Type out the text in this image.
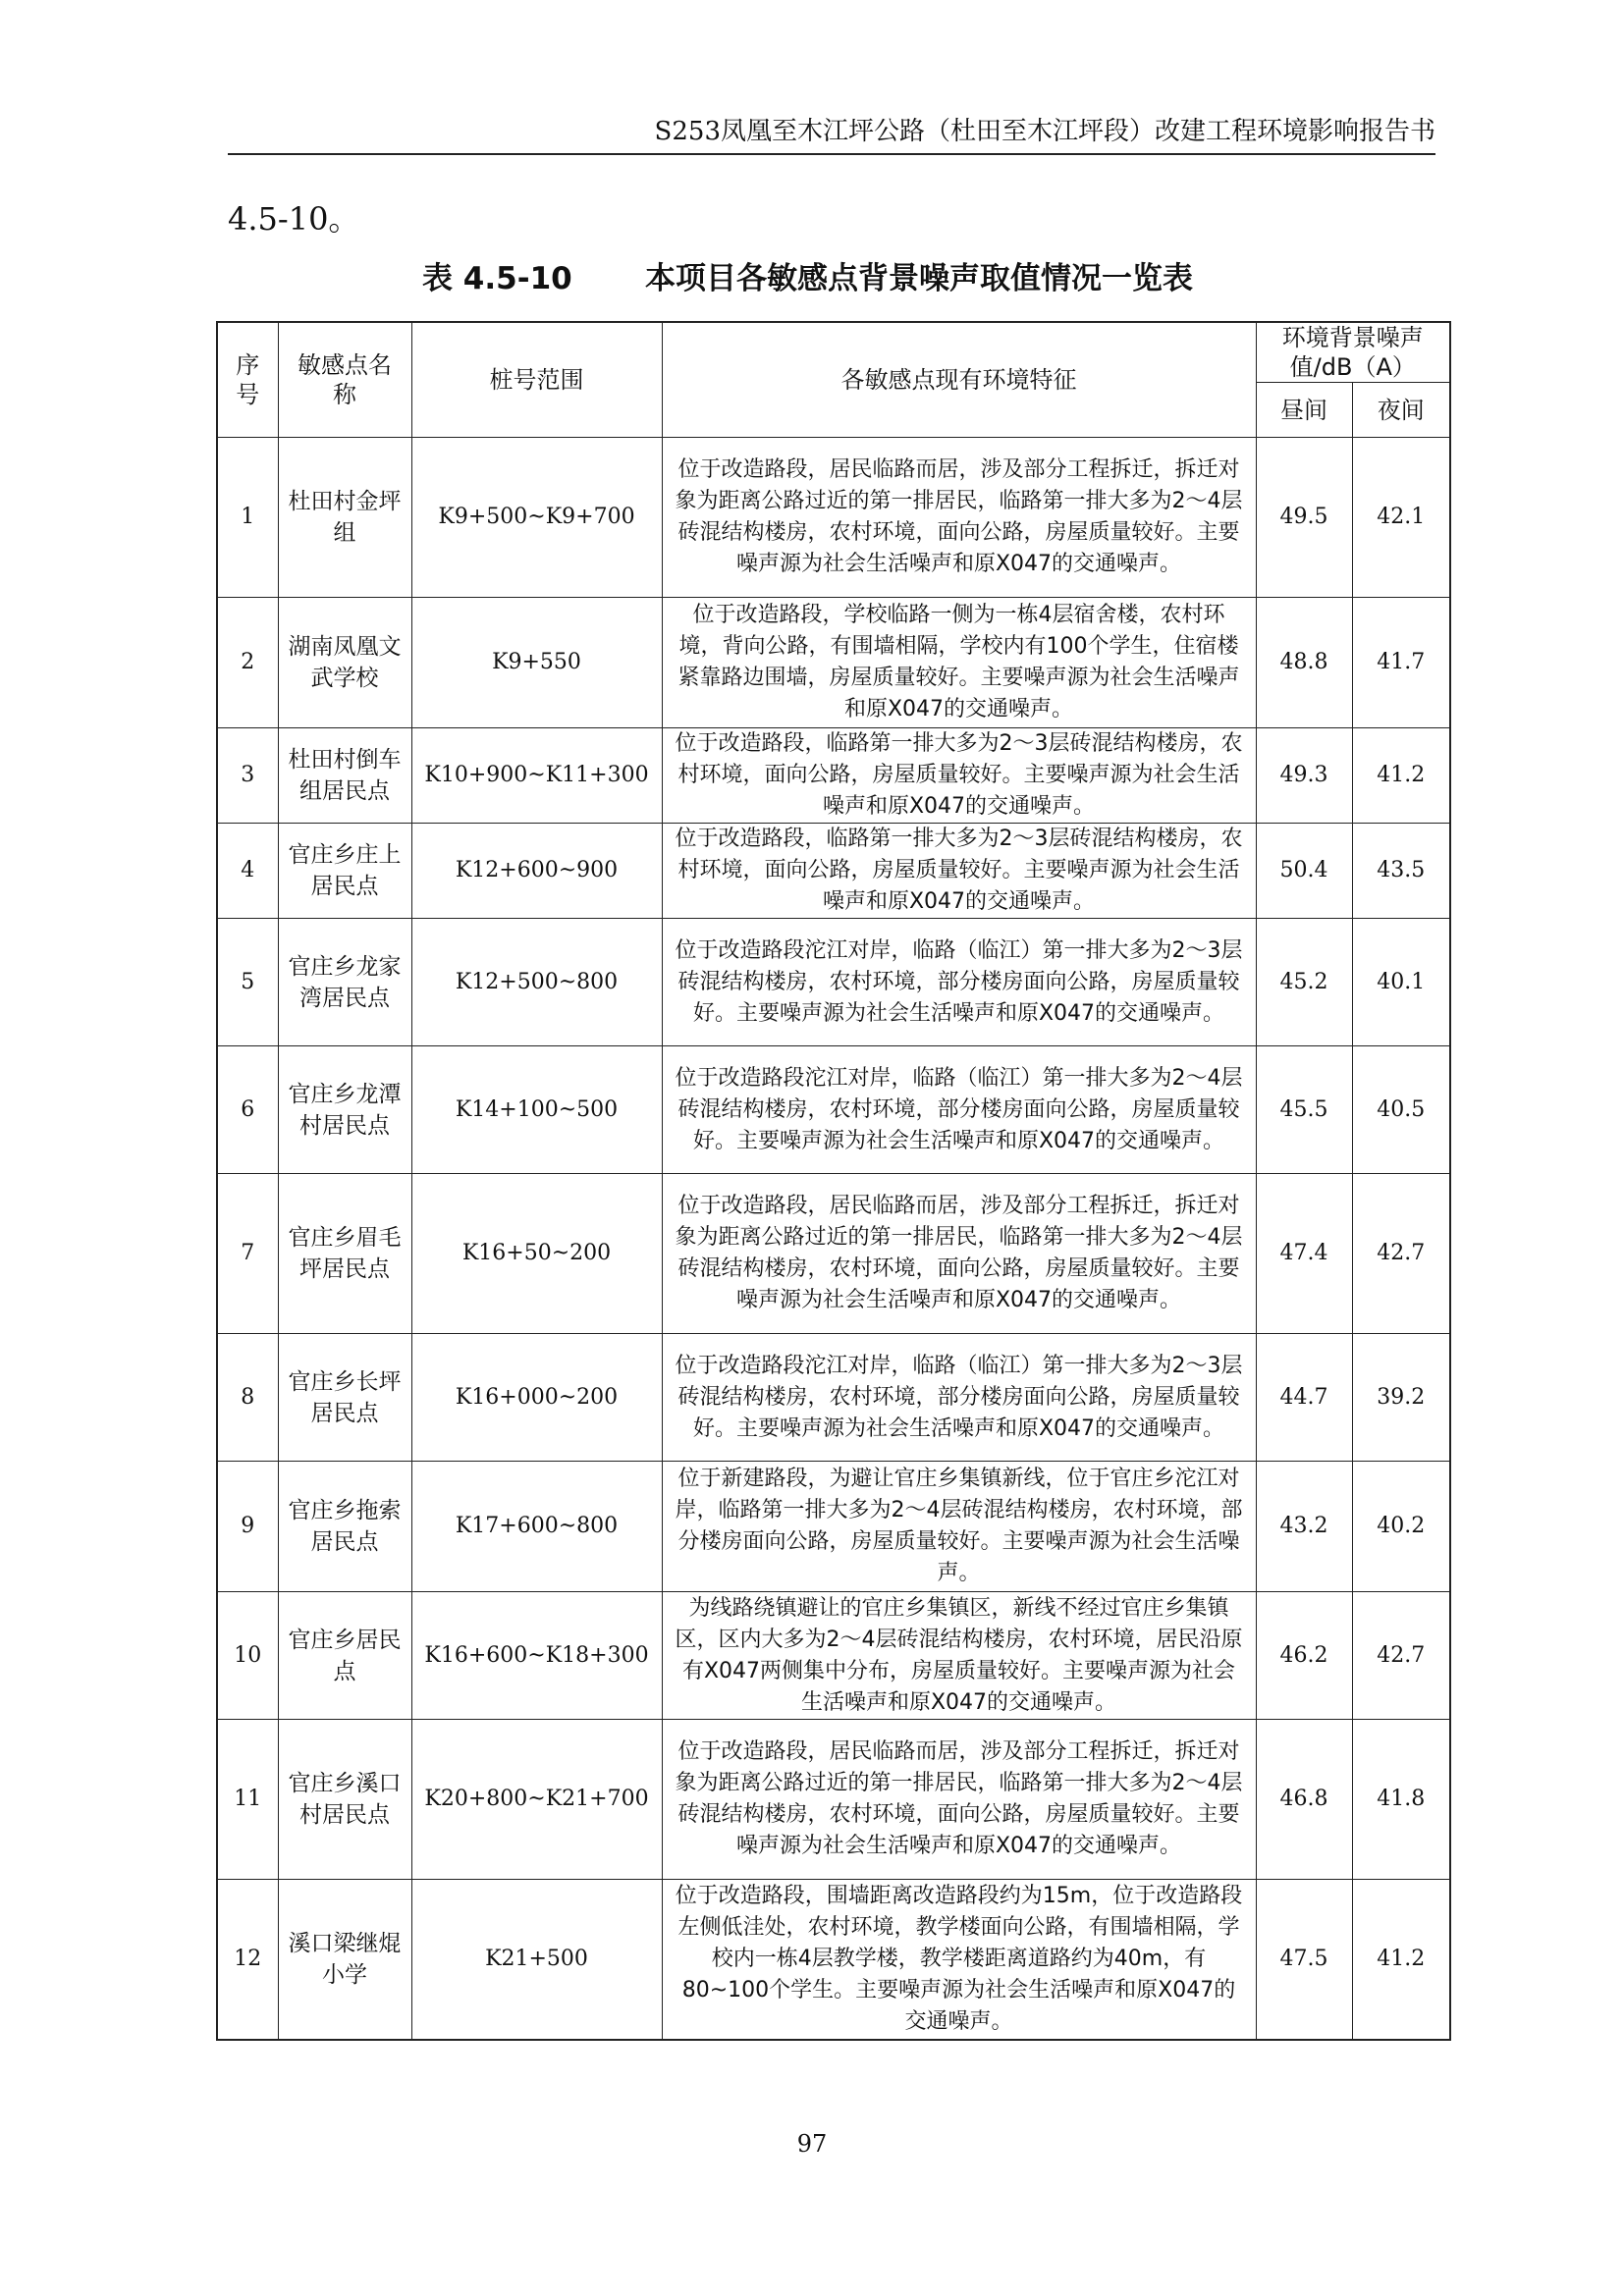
S253凤凰至木江坪公路（杜田至木江坪段）改建工程环境影响报告书
4.5-10。
表 4.5-10 本项目各敏感点背景噪声取值情况一览表
序号	敏感点名称	桩号范围	各敏感点现有环境特征	环境背景噪声值/dB（A）	
				昼间	夜间
1	杜田村金坪组	K9+500~K9+700	位于改造路段，居民临路而居，涉及部分工程拆迁，拆迁对象为距离公路过近的第一排居民，临路第一排大多为2～4层砖混结构楼房，农村环境，面向公路，房屋质量较好。主要噪声源为社会生活噪声和原X047的交通噪声。	49.5	42.1
2	湖南凤凰文武学校	K9+550	位于改造路段，学校临路一侧为一栋4层宿舍楼，农村环境，背向公路，有围墙相隔，学校内有100个学生，住宿楼紧靠路边围墙，房屋质量较好。主要噪声源为社会生活噪声和原X047的交通噪声。	48.8	41.7
3	杜田村倒车组居民点	K10+900~K11+300	位于改造路段，临路第一排大多为2～3层砖混结构楼房，农村环境，面向公路，房屋质量较好。主要噪声源为社会生活噪声和原X047的交通噪声。	49.3	41.2
4	官庄乡庄上居民点	K12+600~900	位于改造路段，临路第一排大多为2～3层砖混结构楼房，农村环境，面向公路，房屋质量较好。主要噪声源为社会生活噪声和原X047的交通噪声。	50.4	43.5
5	官庄乡龙家湾居民点	K12+500~800	位于改造路段沱江对岸，临路（临江）第一排大多为2～3层砖混结构楼房，农村环境，部分楼房面向公路，房屋质量较好。主要噪声源为社会生活噪声和原X047的交通噪声。	45.2	40.1
6	官庄乡龙潭村居民点	K14+100~500	位于改造路段沱江对岸，临路（临江）第一排大多为2～4层砖混结构楼房，农村环境，部分楼房面向公路，房屋质量较好。主要噪声源为社会生活噪声和原X047的交通噪声。	45.5	40.5
7	官庄乡眉毛坪居民点	K16+50~200	位于改造路段，居民临路而居，涉及部分工程拆迁，拆迁对象为距离公路过近的第一排居民，临路第一排大多为2～4层砖混结构楼房，农村环境，面向公路，房屋质量较好。主要噪声源为社会生活噪声和原X047的交通噪声。	47.4	42.7
8	官庄乡长坪居民点	K16+000~200	位于改造路段沱江对岸，临路（临江）第一排大多为2～3层砖混结构楼房，农村环境，部分楼房面向公路，房屋质量较好。主要噪声源为社会生活噪声和原X047的交通噪声。	44.7	39.2
9	官庄乡拖索居民点	K17+600~800	位于新建路段，为避让官庄乡集镇新线，位于官庄乡沱江对岸，临路第一排大多为2～4层砖混结构楼房，农村环境，部分楼房面向公路，房屋质量较好。主要噪声源为社会生活噪声。	43.2	40.2
10	官庄乡居民点	K16+600~K18+300	为线路绕镇避让的官庄乡集镇区，新线不经过官庄乡集镇区，区内大多为2～4层砖混结构楼房，农村环境，居民沿原有X047两侧集中分布，房屋质量较好。主要噪声源为社会生活噪声和原X047的交通噪声。	46.2	42.7
11	官庄乡溪口村居民点	K20+800~K21+700	位于改造路段，居民临路而居，涉及部分工程拆迁，拆迁对象为距离公路过近的第一排居民，临路第一排大多为2～4层砖混结构楼房，农村环境，面向公路，房屋质量较好。主要噪声源为社会生活噪声和原X047的交通噪声。	46.8	41.8
12	溪口梁继焜小学	K21+500	位于改造路段，围墙距离改造路段约为15m，位于改造路段左侧低洼处，农村环境，教学楼面向公路，有围墙相隔，学校内一栋4层教学楼，教学楼距离道路约为40m，有80~100个学生。主要噪声源为社会生活噪声和原X047的交通噪声。	47.5	41.2
97
